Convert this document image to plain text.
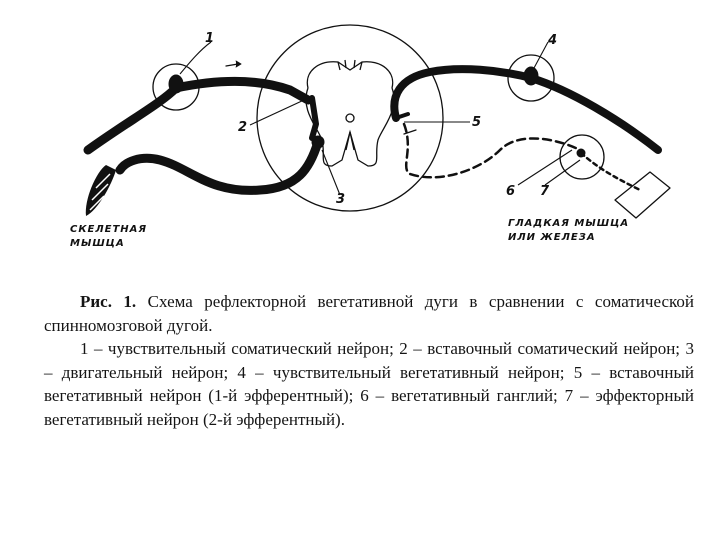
1
2
3
4
5
6 7
СКЕЛЕТНАЯ
МЫШЦА
ГЛАДКАЯ МЫШЦА
ИЛИ ЖЕЛЕЗА

Рис. 1. Схема рефлекторной вегетативной дуги в сравнении с соматической спинномозговой дугой.

1 – чувствительный соматический нейрон; 2 – вставочный соматический нейрон; 3 – двигательный нейрон; 4 – чувствительный вегетативный нейрон; 5 – вставочный вегетативный нейрон (1-й эфферентный); 6 – вегетативный ганглий; 7 – эффекторный вегетативный нейрон (2-й эфферентный).
